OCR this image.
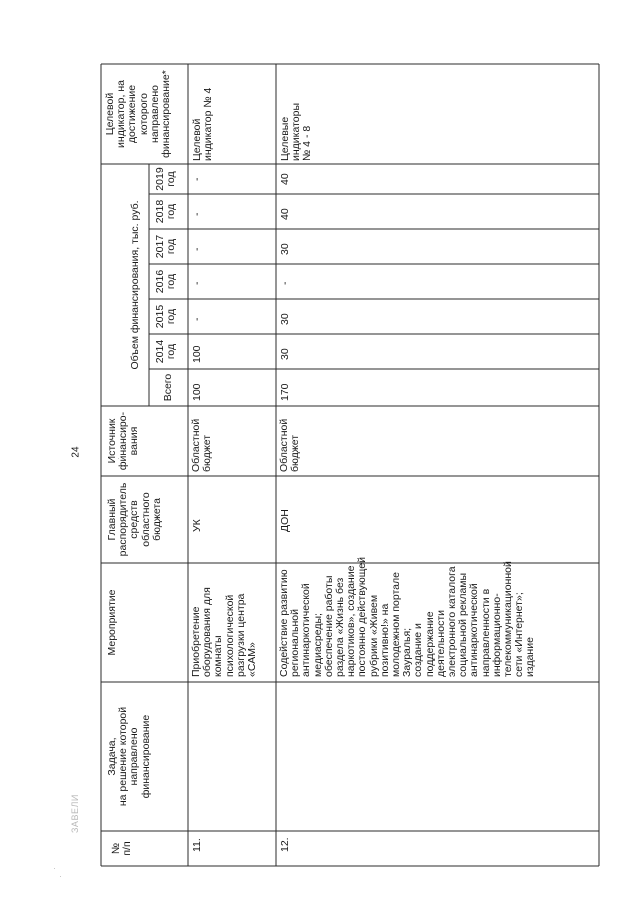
24
ЗАВЕЛИ
№
п/п
Задача,
на решение которой
направлено
финансирование
Мероприятие
Главный
распорядитель
средств
областного
бюджета
Источник
финансиро-
вания
Объем финансирования, тыс. руб.
Всего
2014
год
2015
год
2016
год
2017
год
2018
год
2019
год
Целевой
индикатор, на
достижение
которого
направлено
финансирование*
11.
Приобретение
оборудования для
комнаты
психологической
разгрузки центра
«САМ»
УК
Областной
бюджет
100
100
-
-
-
-
-
Целевой
индикатор № 4
12.
Содействие развитию
региональной
антинаркотической
медиасреды;
обеспечение работы
раздела «Жизнь без
наркотиков», создание
постоянно действующей
рубрики «Живем
позитивно!» на
молодежном портале
Зауралья;
создание и
поддержание
деятельности
электронного каталога
социальной рекламы
антинаркотической
направленности в
информационно-
телекоммуникационной
сети «Интернет»;
издание
ДОН
Областной
бюджет
170
30
30
-
30
40
40
Целевые
индикаторы
№ 4 - 8
